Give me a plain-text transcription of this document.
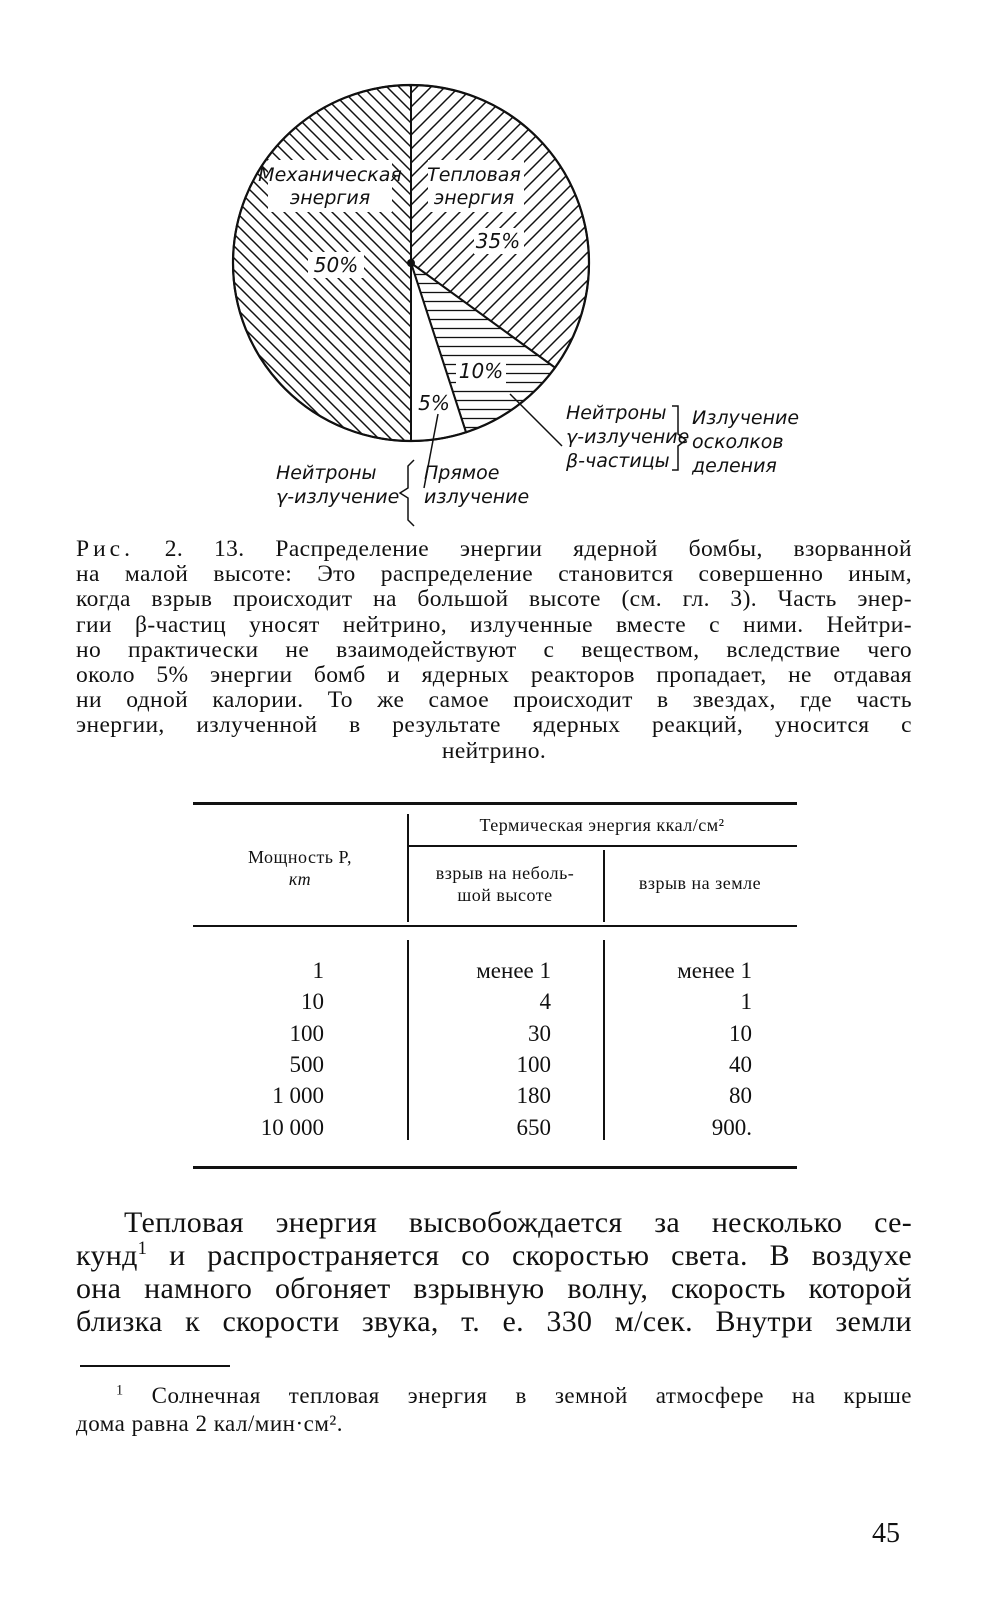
Механическая
энергия
50%
Тепловая
энергия
35%
10%
5%	Нейтроны
γ-излучение
β-частицы
Излучение
осколков
деления
Нейтроны
γ-излучение
Прямое
излучение
Рис. 2. 13. Распределение энергии ядерной бомбы, взорванной
на малой высоте: Это распределение становится совершенно иным,
когда взрыв происходит на большой высоте (см. гл. 3). Часть энер-
гии β-частиц уносят нейтрино, излученные вместе с ними. Нейтри-
но практически не взаимодействуют с веществом, вследствие чего
около 5% энергии бомб и ядерных реакторов пропадает, не отдавая
ни одной калории. То же самое происходит в звездах, где часть
энергии, излученной в результате ядерных реакций, уносится с
нейтрино.
Мощность P,
кт
Термическая энергия ккал/см²
взрыв на неболь-
шой высоте
взрыв на земле
1	менее 1	менее 1
10	4	1
100	30	10
500	100	40
1 000	180	80
10 000	650	900.
Тепловая энергия высвобождается за несколько се-
кунд$^1$ и распространяется со скоростью света. В воздухе
она намного обгоняет взрывную волну, скорость которой
близка к скорости звука, т. е. 330 м/сек. Внутри земли
$^1$ Солнечная тепловая энергия в земной атмосфере на крыше
дома равна 2 кал/мин·см².
45
